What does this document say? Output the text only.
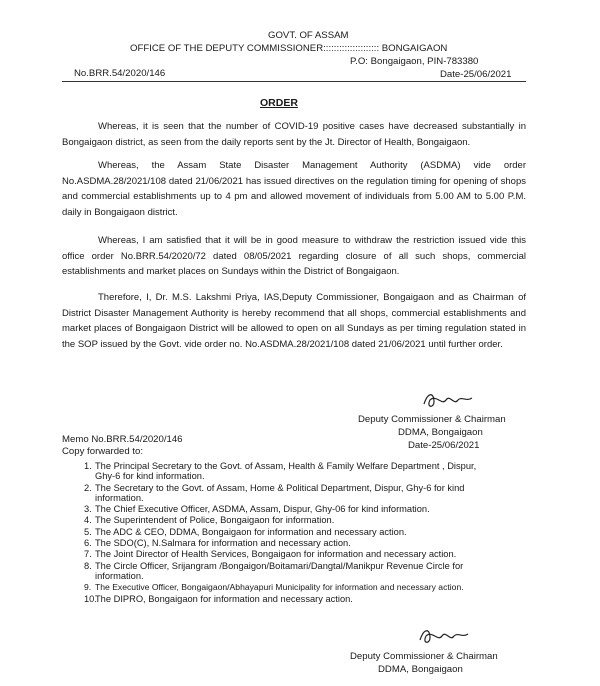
GOVT. OF ASSAM
OFFICE OF THE DEPUTY COMMISSIONER::::::::::::::::::::: BONGAIGAON
P.O: Bongaigaon, PIN-783380
No.BRR.54/2020/146	Date-25/06/2021
ORDER
Whereas, it is seen that the number of COVID-19 positive cases have decreased substantially in Bongaigaon district, as seen from the daily reports sent by the Jt. Director of Health, Bongaigaon.
Whereas, the Assam State Disaster Management Authority (ASDMA) vide order No.ASDMA.28/2021/108 dated 21/06/2021 has issued directives on the regulation timing for opening of shops and commercial establishments up to 4 pm and allowed movement of individuals from 5.00 AM to 5.00 P.M. daily in Bongaigaon district.
Whereas, I am satisfied that it will be in good measure to withdraw the restriction issued vide this office order No.BRR.54/2020/72 dated 08/05/2021 regarding closure of all such shops, commercial establishments and market places on Sundays within the District of Bongaigaon.
Therefore, I, Dr. M.S. Lakshmi Priya, IAS,Deputy Commissioner, Bongaigaon and as Chairman of District Disaster Management Authority is hereby recommend that all shops, commercial establishments and market places of Bongaigaon District will be allowed to open on all Sundays as per timing regulation stated in the SOP issued by the Govt. vide order no. No.ASDMA.28/2021/108 dated 21/06/2021 until further order.
Deputy Commissioner & Chairman
DDMA, Bongaigaon
Date-25/06/2021
Memo No.BRR.54/2020/146
Copy forwarded to:
1. The Principal Secretary to the Govt. of Assam, Health & Family Welfare Department , Dispur,
Ghy-6 for kind information.
2. The Secretary to the Govt. of Assam, Home & Political Department, Dispur, Ghy-6 for kind
information.
3. The Chief Executive Officer, ASDMA, Assam, Dispur, Ghy-06 for kind information.
4. The Superintendent of Police, Bongaigaon for information.
5. The ADC & CEO, DDMA, Bongaigaon for information and necessary action.
6. The SDO(C), N.Salmara for information and necessary action.
7. The Joint Director of Health Services, Bongaigaon for information and necessary action.
8. The Circle Officer, Srijangram /Bongaigon/Boitamari/Dangtal/Manikpur Revenue Circle for
information.
9. The Executive Officer, Bongaigaon/Abhayapuri Municipality for information and necessary action.
10.The DIPRO, Bongaigaon for information and necessary action.
Deputy Commissioner & Chairman
DDMA, Bongaigaon
